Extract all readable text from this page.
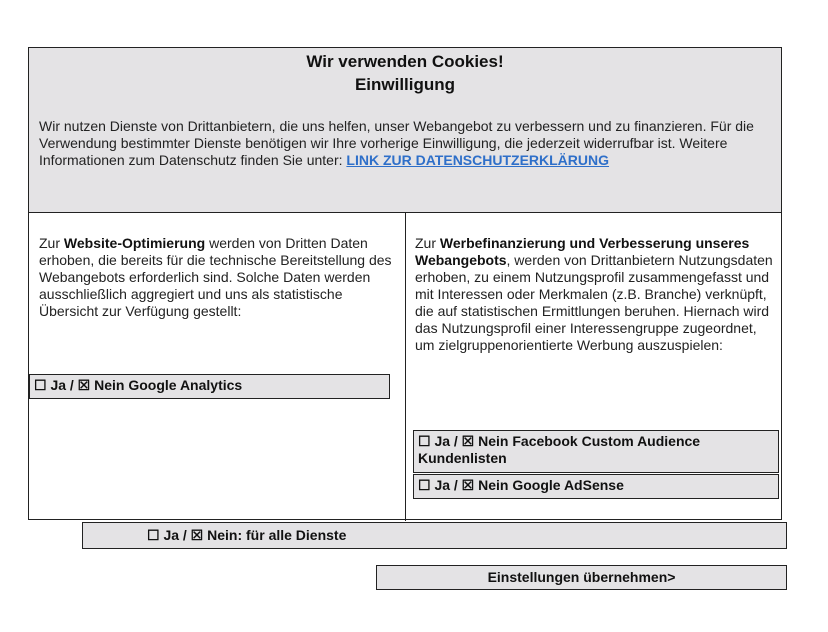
Wir verwenden Cookies!
Einwilligung
Wir nutzen Dienste von Drittanbietern, die uns helfen, unser Webangebot zu verbessern und zu finanzieren. Für die Verwendung bestimmter Dienste benötigen wir Ihre vorherige Einwilligung, die jederzeit widerrufbar ist. Weitere Informationen zum Datenschutz finden Sie unter: LINK ZUR DATENSCHUTZERKLÄRUNG
Zur Website-Optimierung werden von Dritten Daten erhoben, die bereits für die technische Bereitstellung des Webangebots erforderlich sind. Solche Daten werden ausschließlich aggregiert und uns als statistische Übersicht zur Verfügung gestellt:
Zur Werbefinanzierung und Verbesserung unseres Webangebots, werden von Drittanbietern Nutzungsdaten erhoben, zu einem Nutzungsprofil zusammengefasst und mit Interessen oder Merkmalen (z.B. Branche) verknüpft, die auf statistischen Ermittlungen beruhen. Hiernach wird das Nutzungsprofil einer Interessengruppe zugeordnet, um zielgruppenorientierte Werbung auszuspielen:
☐ Ja / ☒ Nein Google Analytics
☐ Ja / ☒ Nein Facebook Custom Audience Kundenlisten
☐ Ja / ☒ Nein Google AdSense
☐ Ja / ☒ Nein: für alle Dienste
Einstellungen übernehmen>
